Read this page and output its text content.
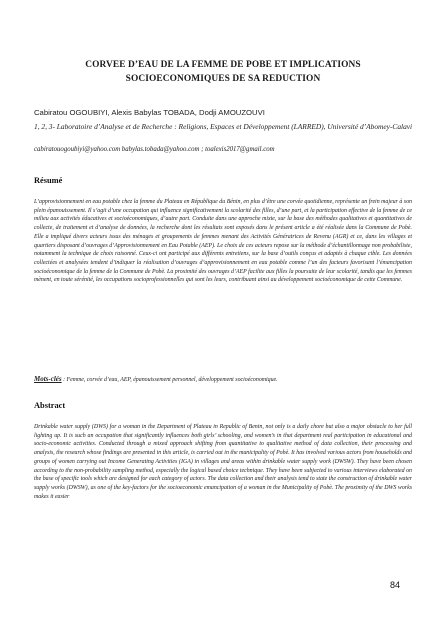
CORVEE D’EAU DE LA FEMME DE POBE ET IMPLICATIONS SOCIOECONOMIQUES DE SA REDUCTION
Cabiratou OGOUBIYI, Alexis Babylas TOBADA, Dodji AMOUZOUVI
1, 2, 3- Laboratoire d’Analyse et de Recherche : Religions, Espaces et Développement (LARRED), Université d’Abomey-Calavi
cabiratouogoubiyi@yahoo.com babylas.tobada@yahoo.com ; toalexis2017@gmail.com
Résumé
L’approvisionnement en eau potable chez la femme du Plateau en République du Bénin, en plus d’être une corvée quotidienne, représente un frein majeur à son plein épanouissement. Il s’agit d’une occupation qui influence significativement la scolarité des filles, d’une part, et la participation effective de la femme de ce milieu aux activités éducatives et socioéconomiques, d’autre part. Conduite dans une approche mixte, sur la base des méthodes qualitatives et quantitatives de collecte, de traitement et d’analyse de données, la recherche dont les résultats sont exposés dans le présent article a été réalisée dans la Commune de Pobè. Elle a impliqué divers acteurs issus des ménages et groupements de femmes menant des Activités Génératrices de Revenu (AGR) et ce, dans les villages et quartiers disposant d’ouvrages d’Approvisionnement en Eau Potable (AEP). Le choix de ces acteurs repose sur la méthode d’échantillonnage non probabiliste, notamment la technique de choix raisonné. Ceux-ci ont participé aux différents entretiens, sur la base d’outils conçus et adaptés à chaque cible. Les données collectées et analysées tendent d’indiquer la réalisation d’ouvrages d’approvisionnement en eau potable comme l’un des facteurs favorisant l’émancipation socioéconomique de la femme de la Commune de Pobè. La proximité des ouvrages d’AEP facilite aux filles la poursuite de leur scolarité, tandis que les femmes mènent, en toute sérénité, les occupations socioprofessionnelles qui sont les leurs, contribuant ainsi au développement socioéconomique de cette Commune.
Mots-clés : Femme, corvée d’eau, AEP, épanouissement personnel, développement socioéconomique.
Abstract
Drinkable water supply (DWS) for a woman in the Department of Plateau in Republic of Benin, not only is a daily chore but also a major obstacle to her full lighting up. It is such an occupation that significantly influences both girls’ schooling, and women’s in that department real participation in educational and socio-economic activities. Conducted through a mixed approach shifting from quantitative to qualitative method of data collection, their processing and analysis, the research whose findings are presented in this article, is carried out in the municipality of Pobè. It has involved various actors from households and groups of women carrying out Income Generating Activities (IGA) in villages and areas within drinkable water supply work (DWSW). They have been chosen according to the non-probability sampling method, especially the logical based choice technique. They have been subjected to various interviews elaborated on the base of specific tools which are designed for each category of actors. The data collection and their analysis tend to state the construction of drinkable water supply works (DWSW), as one of the key-factors for the socioeconomic emancipation of a woman in the Municipality of Pobè. The proximity of the DWS works makes it easier
84
